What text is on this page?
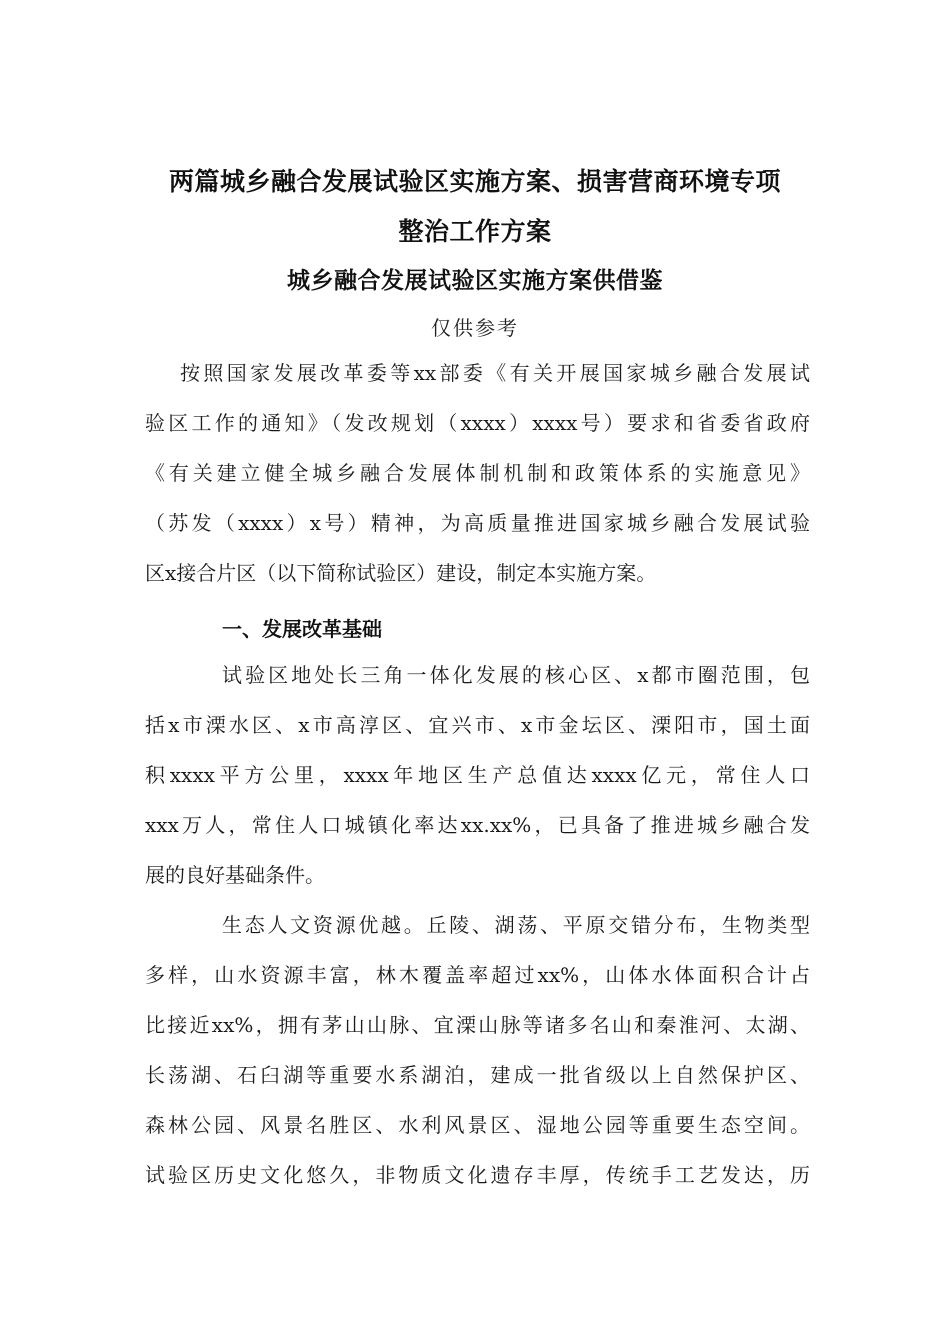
两篇城乡融合发展试验区实施方案、损害营商环境专项
整治工作方案
城乡融合发展试验区实施方案供借鉴
仅供参考
按照国家发展改革委等xx部委《有关开展国家城乡融合发展试
验区工作的通知》（发改规划（xxxx）xxxx号）要求和省委省政府
《有关建立健全城乡融合发展体制机制和政策体系的实施意见》
（苏发（xxxx）x号）精神，为高质量推进国家城乡融合发展试验
区x接合片区（以下简称试验区）建设，制定本实施方案。
一、发展改革基础
试验区地处长三角一体化发展的核心区、x都市圈范围，包
括x市溧水区、x市高淳区、宜兴市、x市金坛区、溧阳市，国土面
积xxxx平方公里，xxxx年地区生产总值达xxxx亿元，常住人口
xxx万人，常住人口城镇化率达xx.xx%，已具备了推进城乡融合发
展的良好基础条件。
生态人文资源优越。丘陵、湖荡、平原交错分布，生物类型
多样，山水资源丰富，林木覆盖率超过xx%，山体水体面积合计占
比接近xx%，拥有茅山山脉、宜溧山脉等诸多名山和秦淮河、太湖、
长荡湖、石臼湖等重要水系湖泊，建成一批省级以上自然保护区、
森林公园、风景名胜区、水利风景区、湿地公园等重要生态空间。
试验区历史文化悠久，非物质文化遗存丰厚，传统手工艺发达，历
